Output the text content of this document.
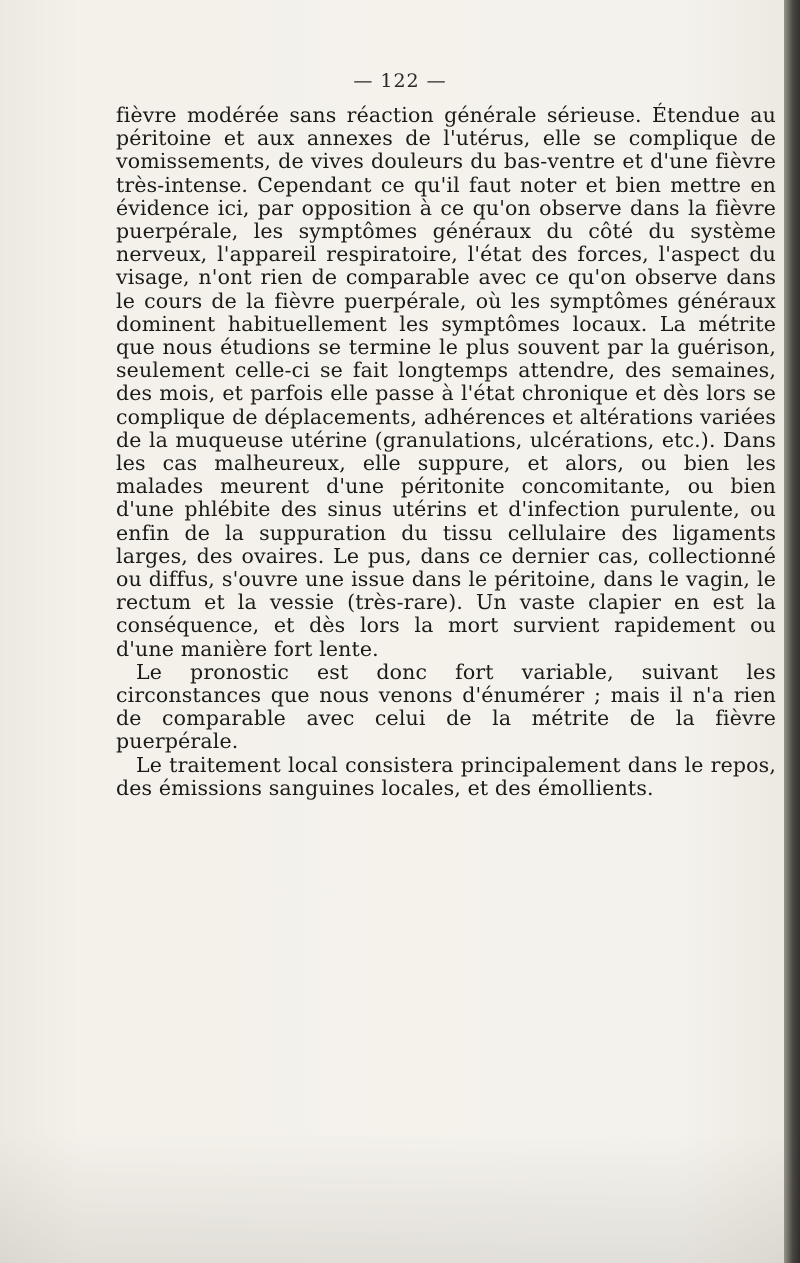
— 122 —

fièvre modérée sans réaction générale sérieuse. Étendue au péritoine et aux annexes de l'utérus, elle se complique de vomissements, de vives douleurs du bas-ventre et d'une fièvre très-intense. Cependant ce qu'il faut noter et bien mettre en évidence ici, par opposition à ce qu'on observe dans la fièvre puerpérale, les symptômes généraux du côté du système nerveux, l'appareil respiratoire, l'état des forces, l'aspect du visage, n'ont rien de comparable avec ce qu'on observe dans le cours de la fièvre puerpérale, où les symptômes généraux dominent habituellement les symptômes locaux. La métrite que nous étudions se termine le plus souvent par la guérison, seulement celle-ci se fait longtemps attendre, des semaines, des mois, et parfois elle passe à l'état chronique et dès lors se complique de déplacements, adhérences et altérations variées de la muqueuse utérine (granulations, ulcérations, etc.). Dans les cas malheureux, elle suppure, et alors, ou bien les malades meurent d'une péritonite concomitante, ou bien d'une phlébite des sinus utérins et d'infection purulente, ou enfin de la suppuration du tissu cellulaire des ligaments larges, des ovaires. Le pus, dans ce dernier cas, collectionné ou diffus, s'ouvre une issue dans le péritoine, dans le vagin, le rectum et la vessie (très-rare). Un vaste clapier en est la conséquence, et dès lors la mort survient rapidement ou d'une manière fort lente.

Le pronostic est donc fort variable, suivant les circonstances que nous venons d'énumérer ; mais il n'a rien de comparable avec celui de la métrite de la fièvre puerpérale.

Le traitement local consistera principalement dans le repos, des émissions sanguines locales, et des émollients.
